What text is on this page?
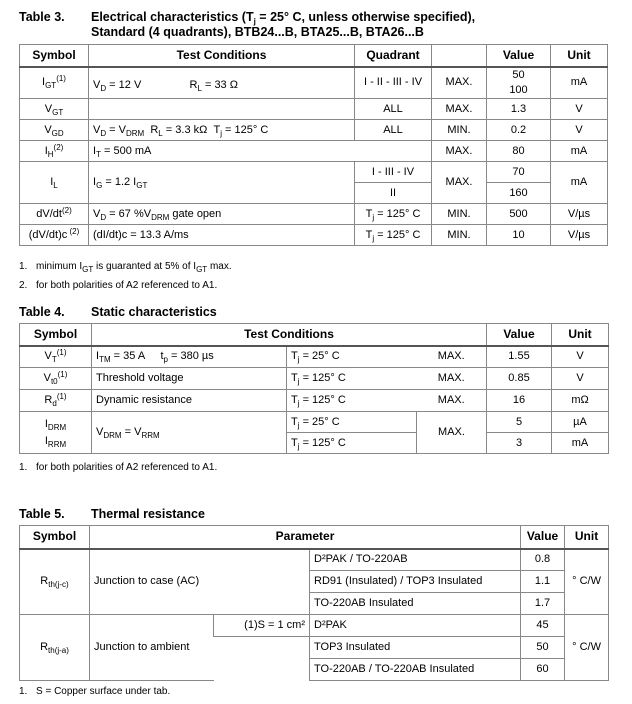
Table 3. Electrical characteristics ($T_j = 25^\circ$ C, unless otherwise specified),
Standard (4 quadrants), BTB24...B, BTA25...B, BTA26...B
Symbol	Test Conditions		Quadrant		Value	Unit
$I_{GT}^{(1)}$	$V_D = 12$ V	$R_L = 33$ Ω	I - II - III - IV	MAX.	50	mA
					100	
$V_{GT}$			ALL	MAX.	1.3	V
$V_{GD}$	$V_D = V_{DRM}$ $R_L = 3.3$ kΩ $T_j = 125^\circ$ C		ALL	MIN.	0.2	V
$I_H^{(2)}$	$I_T = 500$ mA			MAX.	80	mA
$I_L$	$I_G = 1.2$ $I_{GT}$		I - III - IV	MAX.	70	mA
			II		160	
$dV/dt^{(2)}$	$V_D = 67$ $\%V_{DRM}$ gate open		$T_j = 125^\circ$ C	MIN.	500	V/µs
(dV/dt)c $^{(2)}$	(dI/dt)c = 13.3 A/ms		$T_j = 125^\circ$ C	MIN.	10	V/µs
1. minimum $I_{GT}$ is guaranted at 5% of $I_{GT}$ max.
2. for both polarities of A2 referenced to A1.
Table 4. Static characteristics
Symbol	Test Conditions			Value	Unit
$V_T^{(1)}$	$I_{TM} = 35$ A $t_p = 380$ µs	$T_j = 25^\circ$ C	MAX.	1.55	V
$V_{t0}^{(1)}$	Threshold voltage	$T_j = 125^\circ$ C	MAX.	0.85	V
$R_d^{(1)}$	Dynamic resistance	$T_j = 125^\circ$ C	MAX.	16	mΩ
$I_{DRM}$
$I_{RRM}$	$V_{DRM} = V_{RRM}$	$T_j = 25^\circ$ C	MAX.	5	µA
		$T_j = 125^\circ$ C		3	mA
1. for both polarities of A2 referenced to A1.
Table 5. Thermal resistance
Symbol	Parameter			Value	Unit
$R_{th(j-c)}$	Junction to case (AC)		D²PAK / TO-220AB	0.8	° C/W
			RD91 (Insulated) / TOP3 Insulated	1.1	
			TO-220AB Insulated	1.7	
$R_{th(j-a)}$	Junction to ambient	(1)S = 1 cm²	D²PAK	45	° C/W
			TOP3 Insulated	50	
			TO-220AB / TO-220AB Insulated	60	
1. S = Copper surface under tab.
